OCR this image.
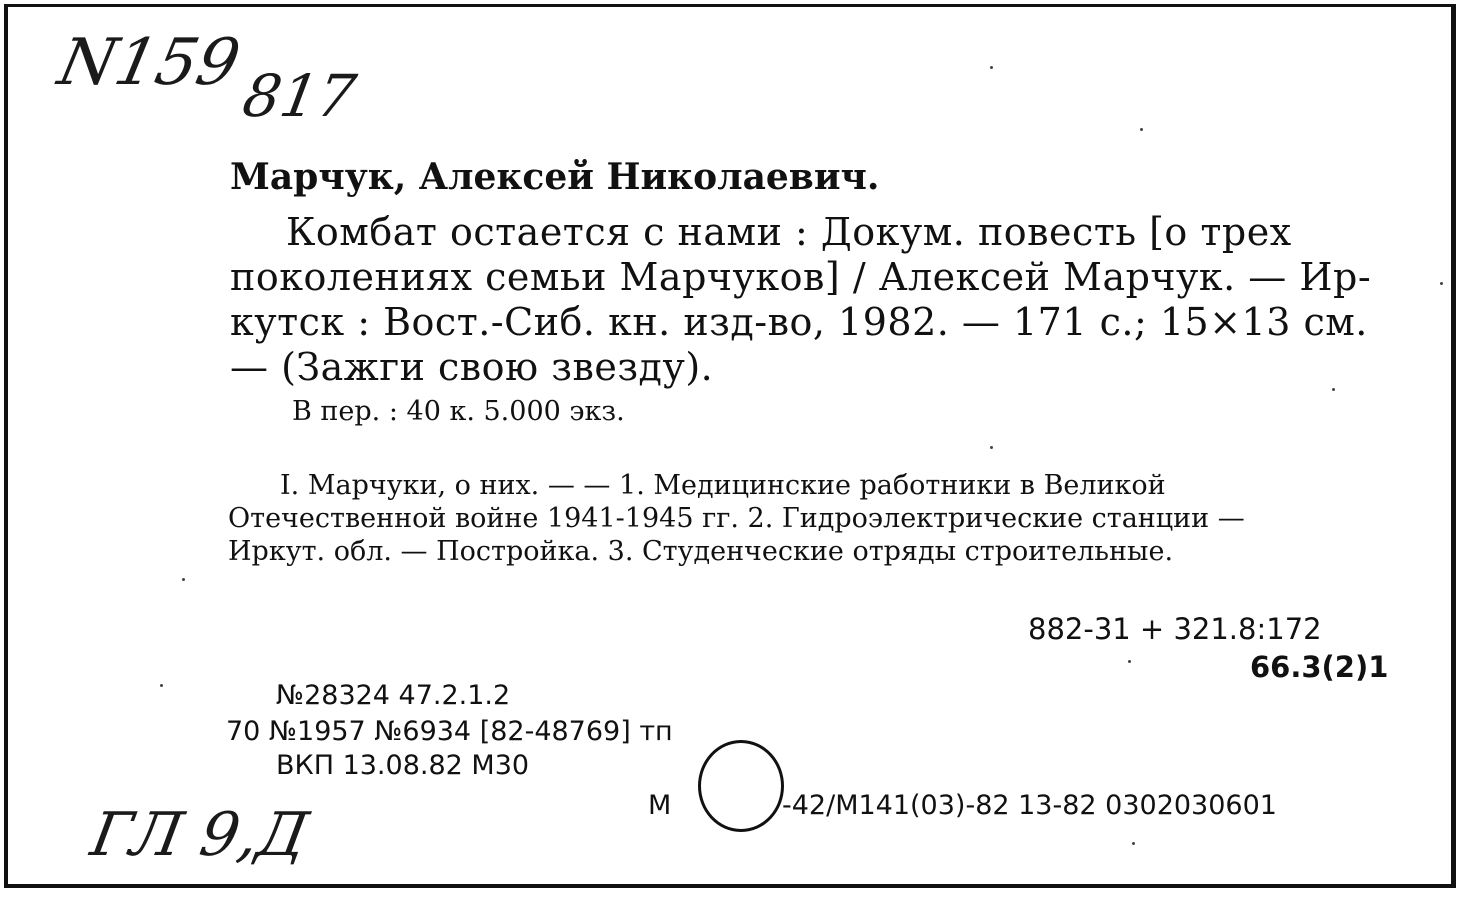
N159
817
ГЛ 9,Д
Марчук, Алексей Николаевич.
Комбат остается с нами : Докум. повесть [о трех
поколениях семьи Марчуков] / Алексей Марчук. — Ир-
кутск : Вост.-Сиб. кн. изд-во, 1982. — 171 с.; 15×13 см.
— (Зажги свою звезду).
В пер. : 40 к. 5.000 экз.
I. Марчуки, о них. — — 1. Медицинские работники в Великой
Отечественной войне 1941-1945 гг. 2. Гидроэлектрические станции —
Иркут. обл. — Постройка. 3. Студенческие отряды строительные.
882-31 + 321.8:172
66.3(2)1
№28324 47.2.1.2
70 №1957 №6934 [82-48769] тп
ВКП 13.08.82 М30
М	-42/М141(03)-82 13-82 0302030601
